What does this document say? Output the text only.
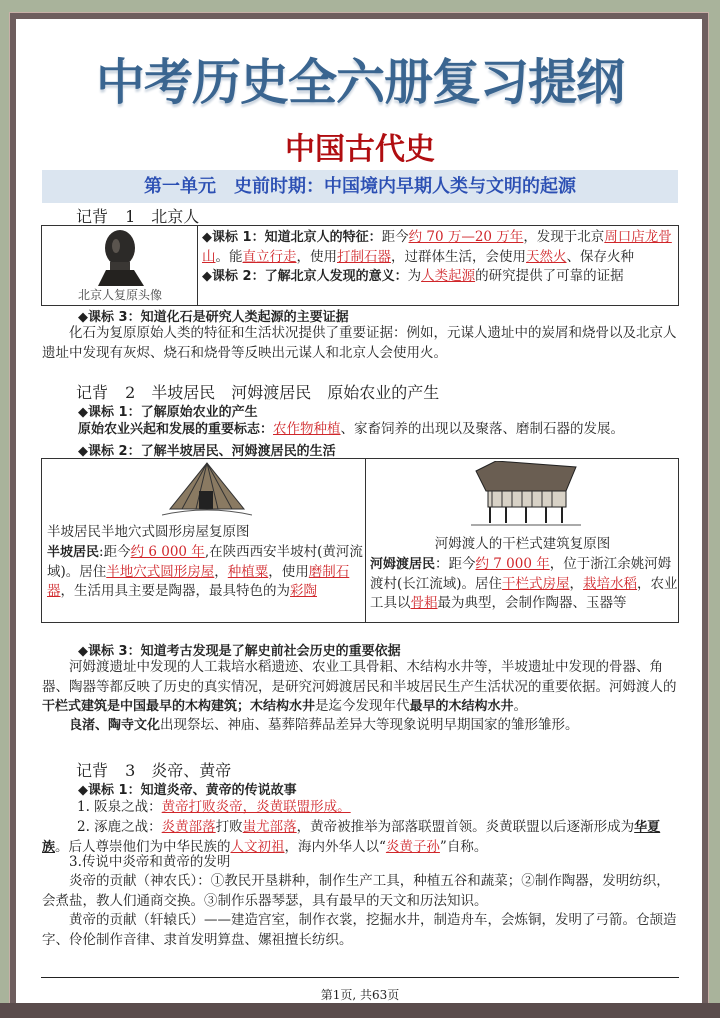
中考历史全六册复习提纲
中国古代史
第一单元　史前时期：中国境内早期人类与文明的起源
记背 1　北京人
北京人复原头像
◆课标 1：知道北京人的特征：距今约 70 万—20 万年，发现于北京周口店龙骨山。能直立行走，使用打制石器，过群体生活，会使用天然火、保存火种
◆课标 2：了解北京人发现的意义：为人类起源的研究提供了可靠的证据
◆课标 3：知道化石是研究人类起源的主要证据
化石为复原原始人类的特征和生活状况提供了重要证据：例如，元谋人遗址中的炭屑和烧骨以及北京人遗址中发现有灰烬、烧石和烧骨等反映出元谋人和北京人会使用火。
记背 2　半坡居民　河姆渡居民　原始农业的产生
◆课标 1：了解原始农业的产生
原始农业兴起和发展的重要标志：农作物种植、家畜饲养的出现以及聚落、磨制石器的发展。
◆课标 2：了解半坡居民、河姆渡居民的生活
半坡居民半地穴式圆形房屋复原图
半坡居民:距今约 6 000 年,在陕西西安半坡村(黄河流域)。居住半地穴式圆形房屋，种植粟，使用磨制石器，生活用具主要是陶器，最具特色的为彩陶
河姆渡人的干栏式建筑复原图
河姆渡居民：距今约 7 000 年，位于浙江余姚河姆渡村(长江流域)。居住干栏式房屋，栽培水稻，农业工具以骨耜最为典型，会制作陶器、玉器等
◆课标 3：知道考古发现是了解史前社会历史的重要依据
河姆渡遗址中发现的人工栽培水稻遗迹、农业工具骨耜、木结构水井等，半坡遗址中发现的骨器、角器、陶器等都反映了历史的真实情况，是研究河姆渡居民和半坡居民生产生活状况的重要依据。河姆渡人的干栏式建筑是中国最早的木构建筑；木结构水井是迄今发现年代最早的木结构水井。
良渚、陶寺文化出现祭坛、神庙、墓葬陪葬品差异大等现象说明早期国家的雏形雏形。
记背 3　炎帝、黄帝
◆课标 1：知道炎帝、黄帝的传说故事
1. 阪泉之战：黄帝打败炎帝，炎黄联盟形成。
2. 涿鹿之战：炎黄部落打败蚩尤部落，黄帝被推举为部落联盟首领。炎黄联盟以后逐渐形成为华夏族。后人尊崇他们为中华民族的人文初祖，海内外华人以“炎黄子孙”自称。
3.传说中炎帝和黄帝的发明
炎帝的贡献（神农氏）：①教民开垦耕种，制作生产工具，种植五谷和蔬菜；②制作陶器，发明纺织，会煮盐，教人们通商交换。③制作乐器琴瑟，具有最早的天文和历法知识。
黄帝的贡献（轩辕氏）——建造宫室，制作衣裳，挖掘水井，制造舟车，会炼铜，发明了弓箭。仓颉造字、伶伦制作音律、隶首发明算盘、嫘祖擅长纺织。
第1页, 共63页
